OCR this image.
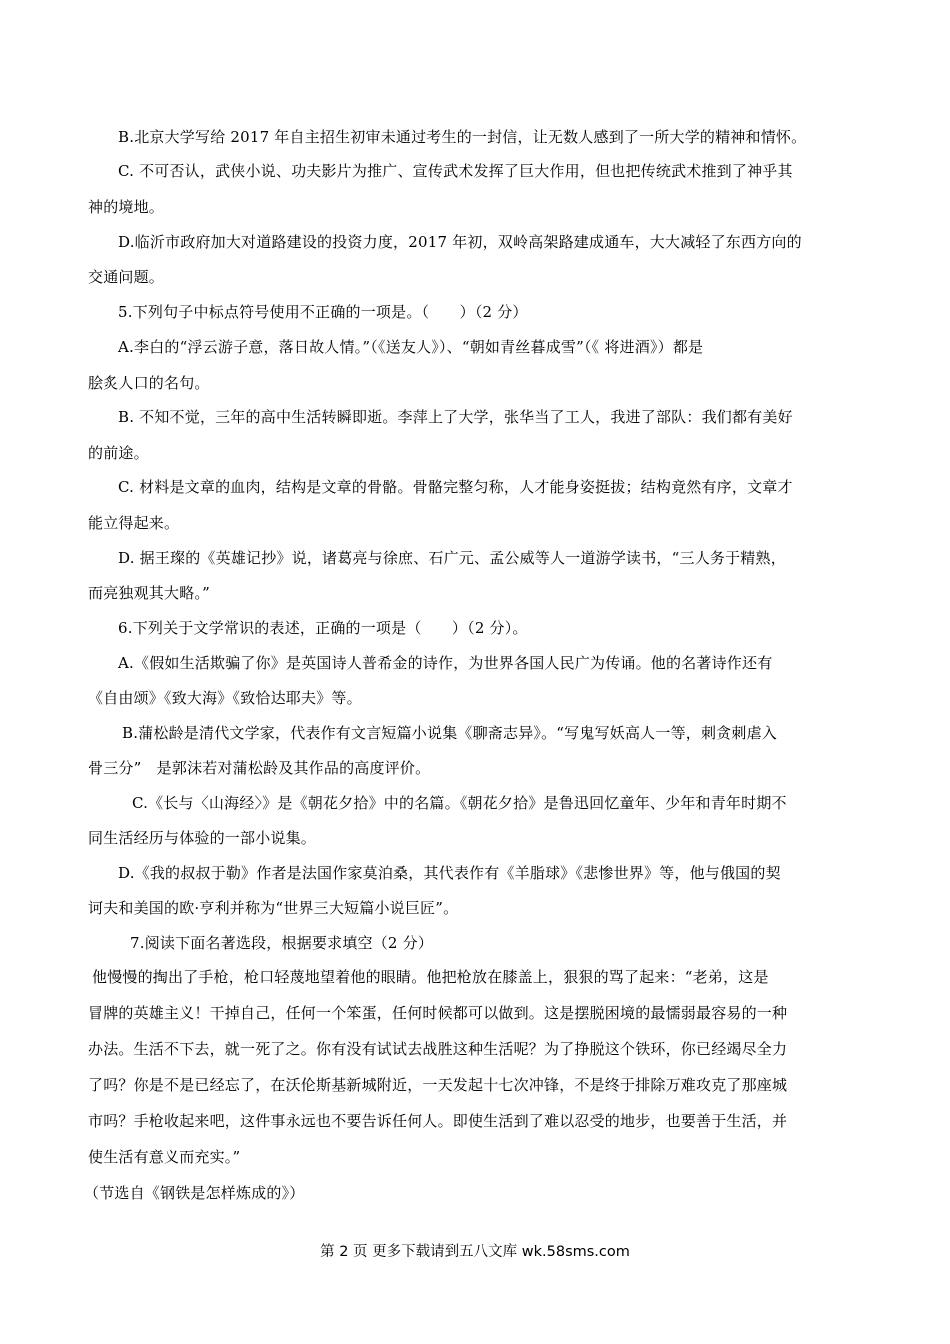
B.北京大学写给 2017 年自主招生初审未通过考生的一封信，让无数人感到了一所大学的精神和情怀。
C. 不可否认，武侠小说、功夫影片为推广、宣传武术发挥了巨大作用，但也把传统武术推到了神乎其
神的境地。
D.临沂市政府加大对道路建设的投资力度，2017 年初，双岭高架路建成通车，大大减轻了东西方向的
交通问题。
5.下列句子中标点符号使用不正确的一项是。（　　）（2 分）
A.李白的“浮云游子意，落日故人情。”（《送友人》）、“朝如青丝暮成雪”（《 将进酒》）都是
脍炙人口的名句。
B. 不知不觉，三年的高中生活转瞬即逝。李萍上了大学，张华当了工人，我进了部队：我们都有美好
的前途。
C. 材料是文章的血肉，结构是文章的骨骼。骨骼完整匀称，人才能身姿挺拔；结构竟然有序，文章才
能立得起来。
D. 据王璨的《英雄记抄》说，诸葛亮与徐庶、石广元、孟公威等人一道游学读书，“三人务于精熟，
而亮独观其大略。”
6.下列关于文学常识的表述，正确的一项是（　　）（2 分）。
A.《假如生活欺骗了你》是英国诗人普希金的诗作，为世界各国人民广为传诵。他的名著诗作还有
《自由颂》《致大海》《致恰达耶夫》等。
B.蒲松龄是清代文学家，代表作有文言短篇小说集《聊斋志异》。“写鬼写妖高人一等，刺贪刺虐入
骨三分”　是郭沫若对蒲松龄及其作品的高度评价。
C.《长与〈山海经〉》是《朝花夕拾》中的名篇。《朝花夕拾》是鲁迅回忆童年、少年和青年时期不
同生活经历与体验的一部小说集。
D.《我的叔叔于勒》作者是法国作家莫泊桑，其代表作有《羊脂球》《悲惨世界》等，他与俄国的契
诃夫和美国的欧·亨利并称为“世界三大短篇小说巨匠”。
7.阅读下面名著选段，根据要求填空（2 分）
他慢慢的掏出了手枪，枪口轻蔑地望着他的眼睛。他把枪放在膝盖上，狠狠的骂了起来：“老弟，这是
冒牌的英雄主义！干掉自己，任何一个笨蛋，任何时候都可以做到。这是摆脱困境的最懦弱最容易的一种
办法。生活不下去，就一死了之。你有没有试试去战胜这种生活呢？为了挣脱这个铁环，你已经竭尽全力
了吗？你是不是已经忘了，在沃伦斯基新城附近，一天发起十七次冲锋，不是终于排除万难攻克了那座城
市吗？手枪收起来吧，这件事永远也不要告诉任何人。即使生活到了难以忍受的地步，也要善于生活，并
使生活有意义而充实。”
（节选自《钢铁是怎样炼成的》）
第 2 页 更多下载请到五八文库 wk.58sms.com
